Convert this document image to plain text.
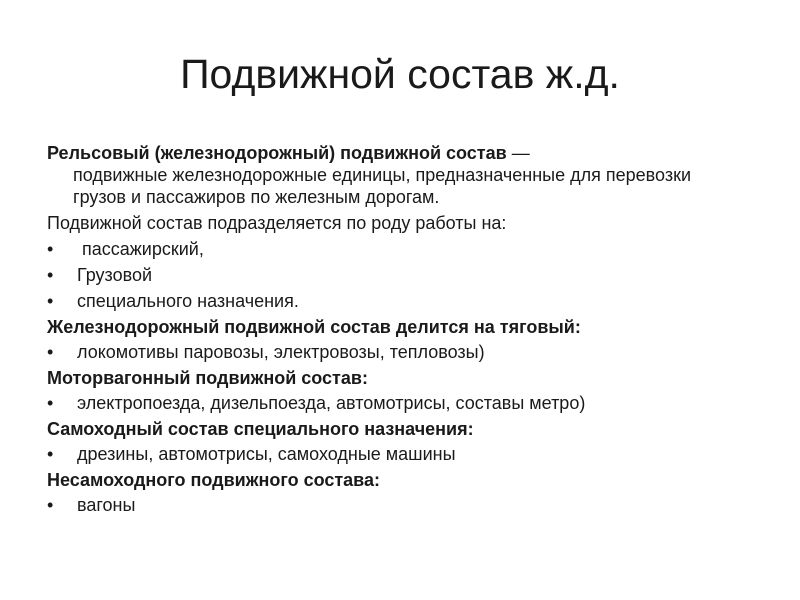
Подвижной состав ж.д.

Рельсовый (железнодорожный) подвижной состав —
подвижные железнодорожные единицы, предназначенные для перевозки грузов и пассажиров по железным дорогам.

Подвижной состав подразделяется по роду работы на:

•	пассажирский,
•	Грузовой
•	специального назначения.

Железнодорожный подвижной состав делится на тяговый:

•	локомотивы паровозы, электровозы, тепловозы)

Моторвагонный подвижной состав:

•	электропоезда, дизельпоезда, автомотрисы, составы метро)

Самоходный состав специального назначения:

•	дрезины, автомотрисы, самоходные машины

Несамоходного подвижного состава:

•	вагоны
